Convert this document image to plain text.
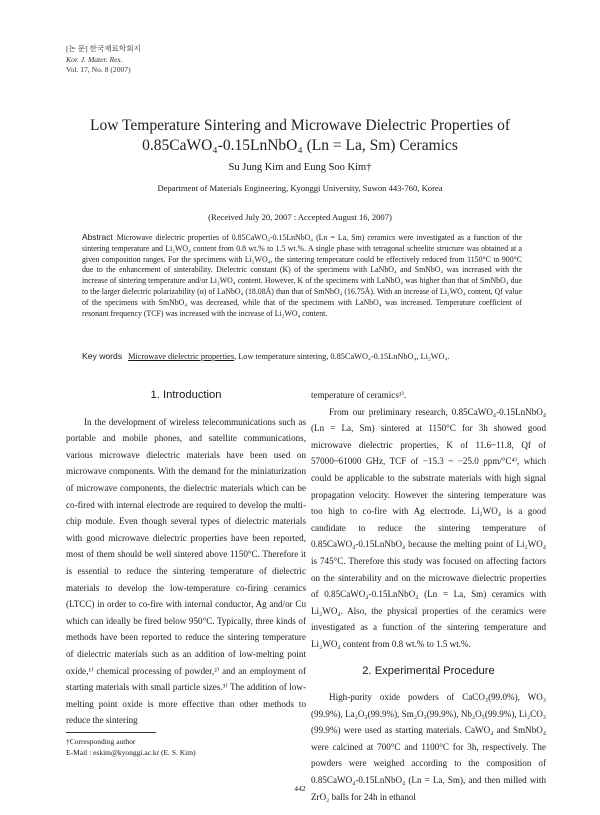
[논 문] 한국재료학회지
Kor. J. Mater. Res.
Vol. 17, No. 8 (2007)
Low Temperature Sintering and Microwave Dielectric Properties of
0.85CaWO₄-0.15LnNbO₄ (Ln = La, Sm) Ceramics
Su Jung Kim and Eung Soo Kim†
Department of Materials Engineering, Kyonggi University, Suwon 443-760, Korea
(Received July 20, 2007 : Accepted August 16, 2007)
Abstract Microwave dielectric properties of 0.85CaWO₄-0.15LnNbO₄ (Ln = La, Sm) ceramics were investigated as a function of the sintering temperature and Li₂WO₄ content from 0.8 wt.% to 1.5 wt.%. A single phase with tetragonal scheelite structure was obtained at a given composition ranges. For the specimens with Li₂WO₄, the sintering temperature could be effectively reduced from 1150°C to 900°C due to the enhancement of sinterability. Dielectric constant (K) of the specimens with LaNbO₄ and SmNbO₄ was increased with the increase of sintering temperature and/or Li₂WO₄ content. However, K of the specimens with LaNbO₄ was higher than that of SmNbO₄ due to the larger dielectric polarizability (α) of LaNbO₄ (18.08Å) than that of SmNbO₄ (16.75Å). With an increase of Li₂WO₄ content, Qf value of the specimens with SmNbO₄ was decreased, while that of the specimens with LaNbO₄ was increased. Temperature coefficient of resonant frequency (TCF) was increased with the increase of Li₂WO₄ content.
Key words Microwave dielectric properties, Low temperature sintering, 0.85CaWO₄-0.15LnNbO₄, Li₂WO₄.
1. Introduction

In the development of wireless telecommunications such as portable and mobile phones, and satellite communications, various microwave dielectric materials have been used on microwave components. With the demand for the miniaturization of microwave components, the dielectric materials which can be co-fired with internal electrode are required to develop the multi-chip module. Even though several types of dielectric materials with good microwave dielectric properties have been reported, most of them should be well sintered above 1150°C. Therefore it is essential to reduce the sintering temperature of dielectric materials to develop the low-temperature co-firing ceramics (LTCC) in order to co-fire with internal conductor, Ag and/or Cu which can ideally be fired below 950°C. Typically, three kinds of methods have been reported to reduce the sintering temperature of dielectric materials such as an addition of low-melting point oxide,¹⁾ chemical processing of powder,²⁾ and an employment of starting materials with small particle sizes.³⁾ The addition of low-melting point oxide is more effective than other methods to reduce the sintering

temperature of ceramics¹⁾.

From our preliminary research, 0.85CaWO₄-0.15LnNbO₄ (Ln = La, Sm) sintered at 1150°C for 3h showed good microwave dielectric properties, K of 11.6~11.8, Qf of 57000~61000 GHz, TCF of −15.3 ~ −25.0 ppm/°C⁴⁾, which could be applicable to the substrate materials with high signal propagation velocity. However the sintering temperature was too high to co-fire with Ag electrode. Li₂WO₄ is a good candidate to reduce the sintering temperature of 0.85CaWO₄-0.15LnNbO₄ because the melting point of Li₂WO₄ is 745°C. Therefore this study was focused on affecting factors on the sinterability and on the microwave dielectric properties of 0.85CaWO₄-0.15LnNbO₄ (Ln = La, Sm) ceramics with Li₂WO₄. Also, the physical properties of the ceramics were investigated as a function of the sintering temperature and Li₂WO₄ content from 0.8 wt.% to 1.5 wt.%.

2. Experimental Procedure

High-purity oxide powders of CaCO₃(99.0%), WO₃ (99.9%), La₂O₃(99.9%), Sm₂O₃(99.9%), Nb₂O₅(99.9%), Li₂CO₃ (99.9%) were used as starting materials. CaWO₄ and SmNbO₄ were calcined at 700°C and 1100°C for 3h, respectively. The powders were weighed according to the composition of 0.85CaWO₄-0.15LnNbO₄ (Ln = La, Sm), and then milled with ZrO₂ balls for 24h in ethanol

†Corresponding author
E-Mail : eskim@kyonggi.ac.kr (E. S. Kim)
442
